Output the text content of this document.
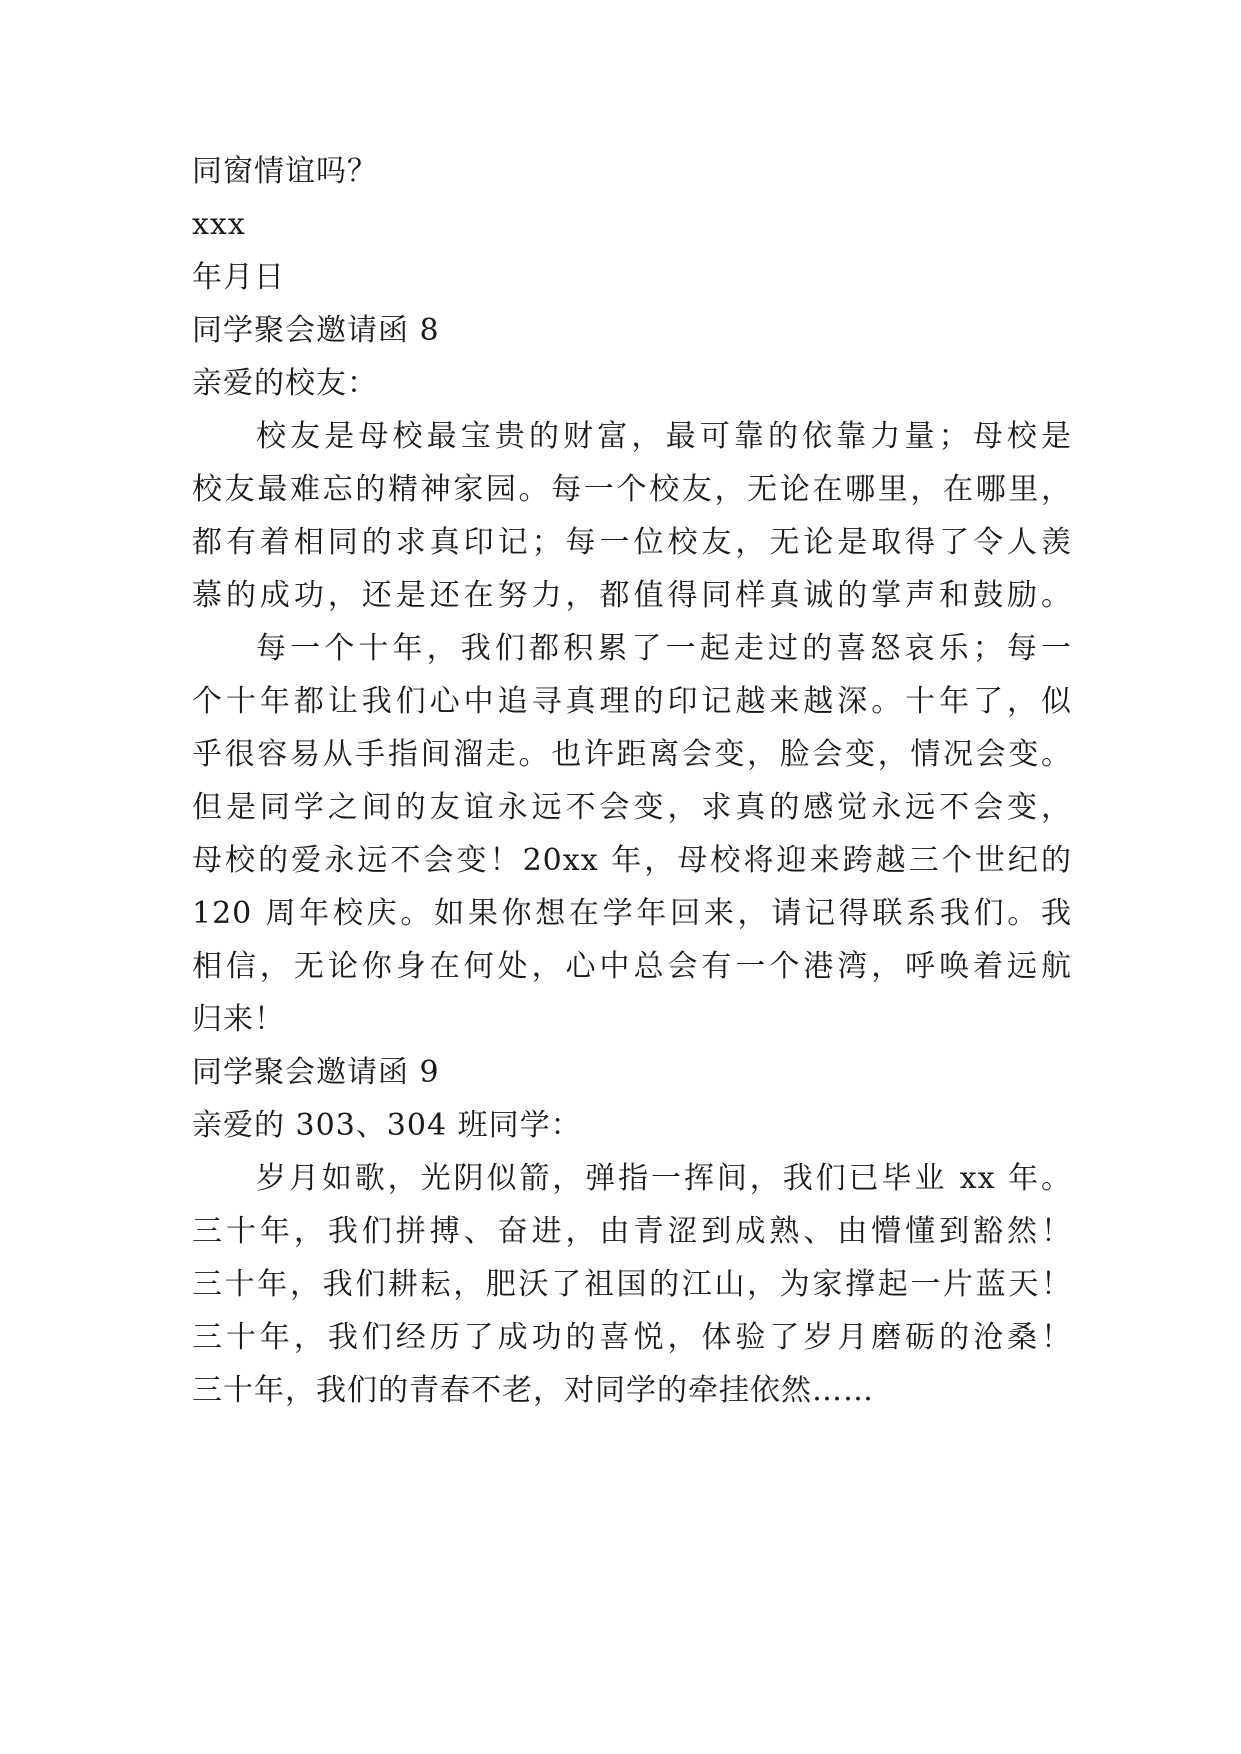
同窗情谊吗？
xxx
年月日
同学聚会邀请函 8
亲爱的校友：
校友是母校最宝贵的财富，最可靠的依靠力量；母校是
校友最难忘的精神家园。每一个校友，无论在哪里，在哪里，
都有着相同的求真印记；每一位校友，无论是取得了令人羡
慕的成功，还是还在努力，都值得同样真诚的掌声和鼓励。
每一个十年，我们都积累了一起走过的喜怒哀乐；每一
个十年都让我们心中追寻真理的印记越来越深。十年了，似
乎很容易从手指间溜走。也许距离会变，脸会变，情况会变。
但是同学之间的友谊永远不会变，求真的感觉永远不会变，
母校的爱永远不会变！20xx 年，母校将迎来跨越三个世纪的
120 周年校庆。如果你想在学年回来，请记得联系我们。我
相信，无论你身在何处，心中总会有一个港湾，呼唤着远航
归来！
同学聚会邀请函 9
亲爱的 303、304 班同学：
岁月如歌，光阴似箭，弹指一挥间，我们已毕业 xx 年。
三十年，我们拼搏、奋进，由青涩到成熟、由懵懂到豁然！
三十年，我们耕耘，肥沃了祖国的江山，为家撑起一片蓝天！
三十年，我们经历了成功的喜悦，体验了岁月磨砺的沧桑！
三十年，我们的青春不老，对同学的牵挂依然……
